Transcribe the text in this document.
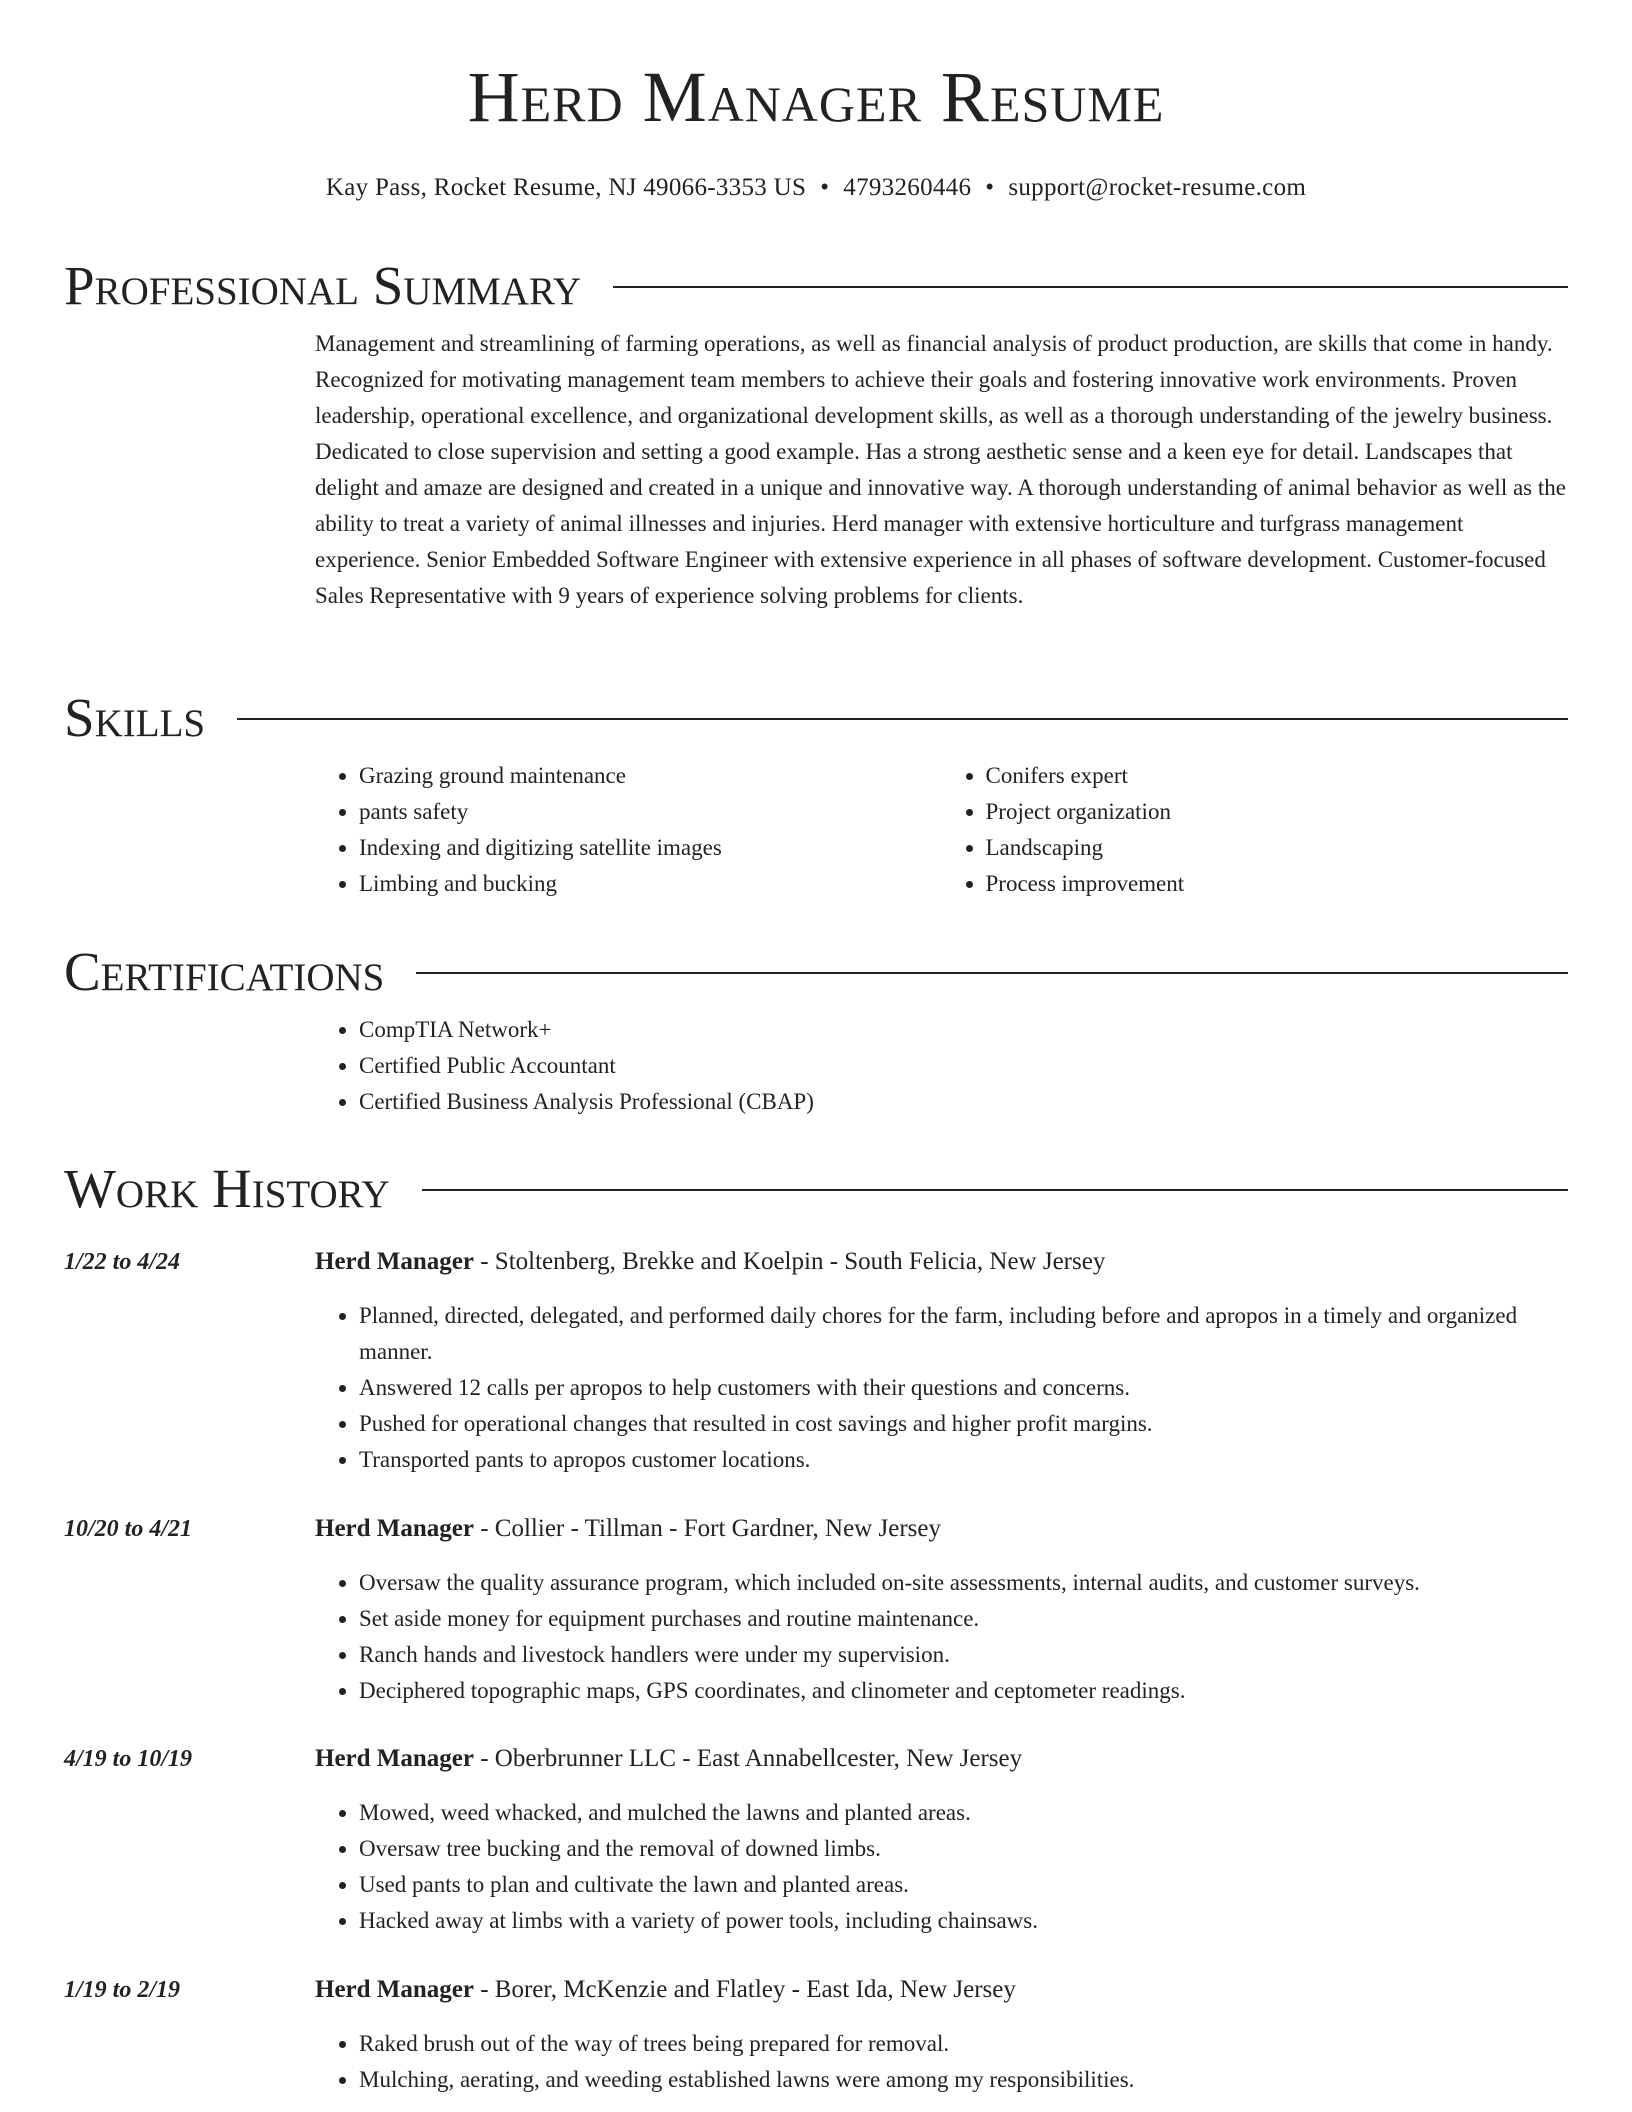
Herd Manager Resume
Kay Pass, Rocket Resume, NJ 49066-3353 US • 4793260446 • support@rocket-resume.com
Professional Summary
Management and streamlining of farming operations, as well as financial analysis of product production, are skills that come in handy. Recognized for motivating management team members to achieve their goals and fostering innovative work environments. Proven leadership, operational excellence, and organizational development skills, as well as a thorough understanding of the jewelry business. Dedicated to close supervision and setting a good example. Has a strong aesthetic sense and a keen eye for detail. Landscapes that delight and amaze are designed and created in a unique and innovative way. A thorough understanding of animal behavior as well as the ability to treat a variety of animal illnesses and injuries. Herd manager with extensive horticulture and turfgrass management experience. Senior Embedded Software Engineer with extensive experience in all phases of software development. Customer-focused Sales Representative with 9 years of experience solving problems for clients.
Skills
• Grazing ground maintenance
• pants safety
• Indexing and digitizing satellite images
• Limbing and bucking
• Conifers expert
• Project organization
• Landscaping
• Process improvement
Certifications
• CompTIA Network+
• Certified Public Accountant
• Certified Business Analysis Professional (CBAP)
Work History
1/22 to 4/24	Herd Manager - Stoltenberg, Brekke and Koelpin - South Felicia, New Jersey
• Planned, directed, delegated, and performed daily chores for the farm, including before and apropos in a timely and organized manner.
• Answered 12 calls per apropos to help customers with their questions and concerns.
• Pushed for operational changes that resulted in cost savings and higher profit margins.
• Transported pants to apropos customer locations.
10/20 to 4/21	Herd Manager - Collier - Tillman - Fort Gardner, New Jersey
• Oversaw the quality assurance program, which included on-site assessments, internal audits, and customer surveys.
• Set aside money for equipment purchases and routine maintenance.
• Ranch hands and livestock handlers were under my supervision.
• Deciphered topographic maps, GPS coordinates, and clinometer and ceptometer readings.
4/19 to 10/19	Herd Manager - Oberbrunner LLC - East Annabellcester, New Jersey
• Mowed, weed whacked, and mulched the lawns and planted areas.
• Oversaw tree bucking and the removal of downed limbs.
• Used pants to plan and cultivate the lawn and planted areas.
• Hacked away at limbs with a variety of power tools, including chainsaws.
1/19 to 2/19	Herd Manager - Borer, McKenzie and Flatley - East Ida, New Jersey
• Raked brush out of the way of trees being prepared for removal.
• Mulching, aerating, and weeding established lawns were among my responsibilities.
